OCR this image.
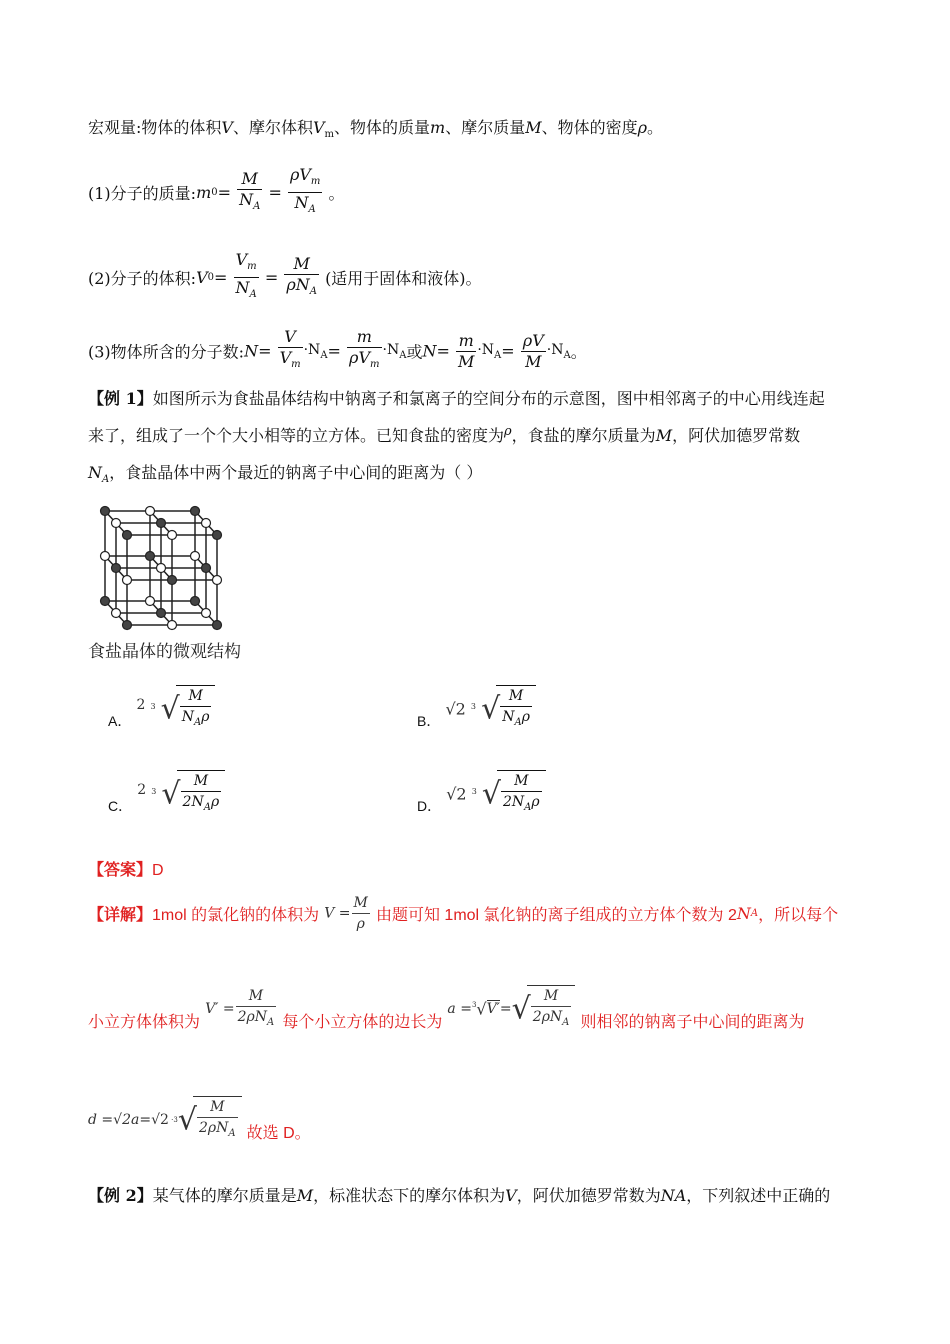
宏观量:物体的体积V、摩尔体积$V_m$、物体的质量m、摩尔质量M、物体的密度ρ。
(1)分子的质量:m0= $\frac{M}{N_A} = \frac{\rho V_m}{N_A}$ 。
(2)分子的体积:V0= $\frac{V_m}{N_A} = \frac{M}{\rho N_A}$ (适用于固体和液体)。
(3)物体所含的分子数:N= $\frac{V}{V_m} \cdot N_A= \frac{m}{\rho V_m} \cdot N_A$或$N= \frac{m}{M} \cdot N_A= \frac{\rho V}{M} \cdot N_A$。
【例 1】如图所示为食盐晶体结构中钠离子和氯离子的空间分布的示意图，图中相邻离子的中心用线连起
来了，组成了一个个大小相等的立方体。已知食盐的密度为$^\rho$，食盐的摩尔质量为M，阿伏加德罗常数
$N_A$，食盐晶体中两个最近的钠离子中心间的距离为（ ）
食盐晶体的微观结构
A． 2 3 √ $\frac{M}{N_A\rho}$	B． √2 3 √ $\frac{M}{N_A\rho}$
C． 2 3 √ $\frac{M}{2N_A\rho}$	D． √2 3 √ $\frac{M}{2N_A\rho}$
【答案】D
【详解】1mol 的氯化钠的体积为 $V = \frac{M}{\rho}$ 由题可知 1mol 氯化钠的离子组成的立方体个数为 2NA，所以每个
小立方体体积为 $V' = \frac{M}{2\rho N_A}$ 每个小立方体的边长为 $a =^3√V'=√ \frac{M}{2\rho N_A}$ 则相邻的钠离子中心间的距离为
$d =√2a=√2 \cdot 3√ \frac{M}{2\rho N_A}$ 故选 D。
【例 2】某气体的摩尔质量是M，标准状态下的摩尔体积为V，阿伏加德罗常数为NA，下列叙述中正确的
